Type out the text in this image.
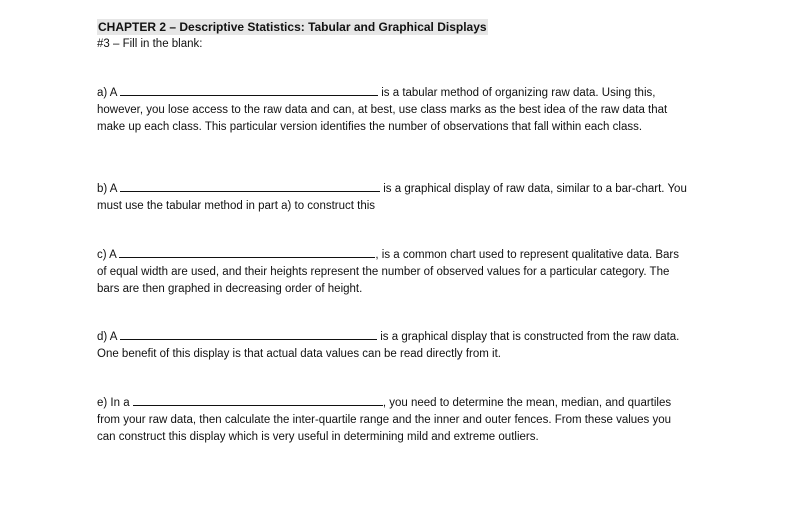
CHAPTER 2 – Descriptive Statistics: Tabular and Graphical Displays
#3 – Fill in the blank:

a) A	is a tabular method of organizing raw data. Using this, however, you lose access to the raw data and can, at best, use class marks as the best idea of the raw data that make up each class. This particular version identifies the number of observations that fall within each class.

b) A	is a graphical display of raw data, similar to a bar-chart. You must use the tabular method in part a) to construct this

c) A	, is a common chart used to represent qualitative data. Bars of equal width are used, and their heights represent the number of observed values for a particular category. The bars are then graphed in decreasing order of height.

d) A	is a graphical display that is constructed from the raw data. One benefit of this display is that actual data values can be read directly from it.

e) In a	, you need to determine the mean, median, and quartiles from your raw data, then calculate the inter-quartile range and the inner and outer fences. From these values you can construct this display which is very useful in determining mild and extreme outliers.
